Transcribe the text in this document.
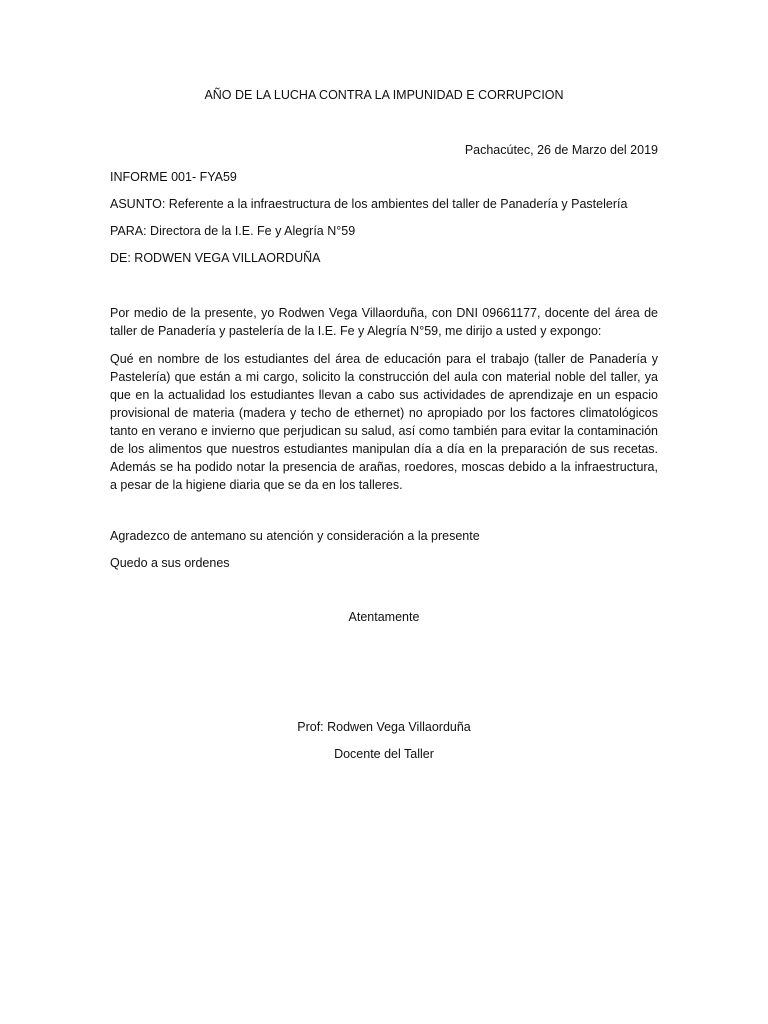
AÑO DE LA LUCHA CONTRA LA IMPUNIDAD E CORRUPCION
Pachacútec, 26 de Marzo del 2019
INFORME 001- FYA59
ASUNTO: Referente a la infraestructura de los ambientes del taller de Panadería y Pastelería
PARA: Directora de la I.E. Fe y Alegría N°59
DE: RODWEN VEGA VILLAORDUÑA
Por medio de la presente, yo Rodwen Vega Villaorduña, con DNI 09661177, docente del área de taller de Panadería y pastelería de la I.E. Fe y Alegría N°59, me dirijo a usted y expongo:
Qué en nombre de los estudiantes del área de educación para el trabajo (taller de Panadería y Pastelería) que están a mi cargo, solicito la construcción del aula con material noble del taller, ya que en la actualidad los estudiantes llevan a cabo sus actividades de aprendizaje en un espacio provisional de materia (madera y techo de ethernet) no apropiado por los factores climatológicos tanto en verano e invierno que perjudican su salud, así como también para evitar la contaminación de los alimentos que nuestros estudiantes manipulan día a día en la preparación de sus recetas. Además se ha podido notar la presencia de arañas, roedores, moscas debido a la infraestructura, a pesar de la higiene diaria que se da en los talleres.
Agradezco de antemano su atención y consideración a la presente
Quedo a sus ordenes
Atentamente
Prof: Rodwen Vega Villaorduña
Docente del Taller
